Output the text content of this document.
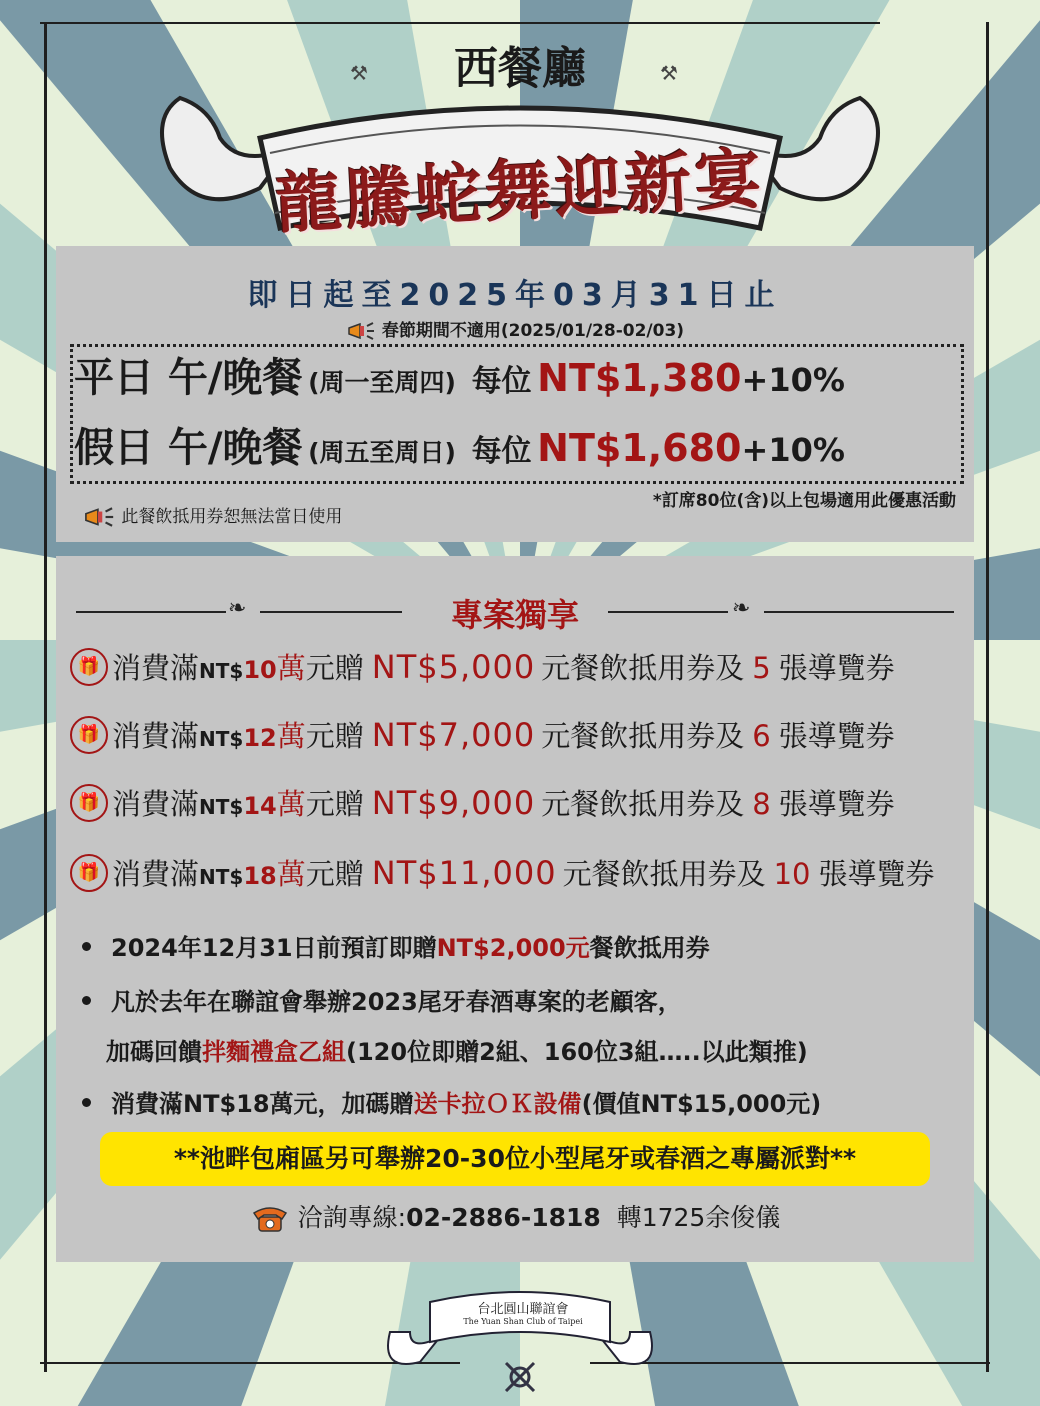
西餐廳
⚒	⚒
龍騰蛇舞迎新宴
即日起至2025年03月31日止
春節期間不適用(2025/01/28-02/03)
平日 午/晚餐 (周一至周四) 每位 NT$1,380+10%
假日 午/晚餐 (周五至周日) 每位 NT$1,680+10%
*訂席80位(含)以上包場適用此優惠活動
此餐飲抵用券恕無法當日使用
❧	專案獨享	❧
🎁 消費滿NT$10萬元贈 NT$5,000 元餐飲抵用券及 5 張導覽券
🎁 消費滿NT$12萬元贈 NT$7,000 元餐飲抵用券及 6 張導覽券
🎁 消費滿NT$14萬元贈 NT$9,000 元餐飲抵用券及 8 張導覽券
🎁 消費滿NT$18萬元贈 NT$11,000 元餐飲抵用券及 10 張導覽券
2024年12月31日前預訂即贈NT$2,000元餐飲抵用券
凡於去年在聯誼會舉辦2023尾牙春酒專案的老顧客，
加碼回饋拌麵禮盒乙組(120位即贈2組、160位3組…..以此類推)
消費滿NT$18萬元，加碼贈送卡拉ＯＫ設備(價值NT$15,000元)
**池畔包廂區另可舉辦20-30位小型尾牙或春酒之專屬派對**
洽詢專線:02-2886-1818 轉1725余俊儀
台北圓山聯誼會
The Yuan Shan Club of Taipei
